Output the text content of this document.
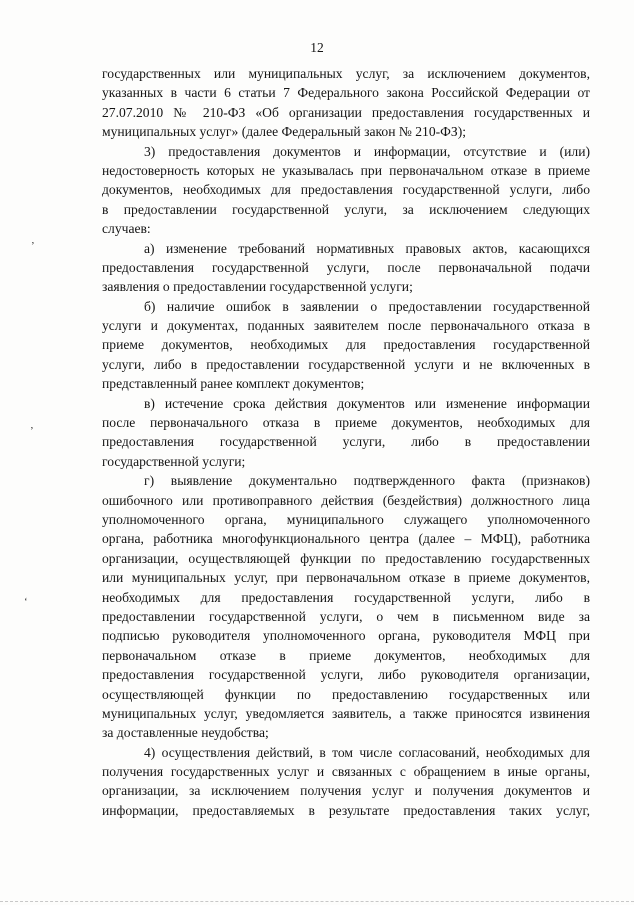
12
государственных или муниципальных услуг, за исключением документов,
указанных в части 6 статьи 7 Федерального закона Российской Федерации от
27.07.2010 № 210-ФЗ «Об организации предоставления государственных и
муниципальных услуг» (далее Федеральный закон № 210-ФЗ);
3) предоставления документов и информации, отсутствие и (или)
недостоверность которых не указывалась при первоначальном отказе в приеме
документов, необходимых для предоставления государственной услуги, либо
в предоставлении государственной услуги, за исключением следующих
случаев:
а) изменение требований нормативных правовых актов, касающихся
предоставления государственной услуги, после первоначальной подачи
заявления о предоставлении государственной услуги;
б) наличие ошибок в заявлении о предоставлении государственной
услуги и документах, поданных заявителем после первоначального отказа в
приеме документов, необходимых для предоставления государственной
услуги, либо в предоставлении государственной услуги и не включенных в
представленный ранее комплект документов;
в) истечение срока действия документов или изменение информации
после первоначального отказа в приеме документов, необходимых для
предоставления государственной услуги, либо в предоставлении
государственной услуги;
г) выявление документально подтвержденного факта (признаков)
ошибочного или противоправного действия (бездействия) должностного лица
уполномоченного органа, муниципального служащего уполномоченного
органа, работника многофункционального центра (далее – МФЦ), работника
организации, осуществляющей функции по предоставлению государственных
или муниципальных услуг, при первоначальном отказе в приеме документов,
необходимых для предоставления государственной услуги, либо в
предоставлении государственной услуги, о чем в письменном виде за
подписью руководителя уполномоченного органа, руководителя МФЦ при
первоначальном отказе в приеме документов, необходимых для
предоставления государственной услуги, либо руководителя организации,
осуществляющей функции по предоставлению государственных или
муниципальных услуг, уведомляется заявитель, а также приносятся извинения
за доставленные неудобства;
4) осуществления действий, в том числе согласований, необходимых для
получения государственных услуг и связанных с обращением в иные органы,
организации, за исключением получения услуг и получения документов и
информации, предоставляемых в результате предоставления таких услуг,
‚
’
‘
